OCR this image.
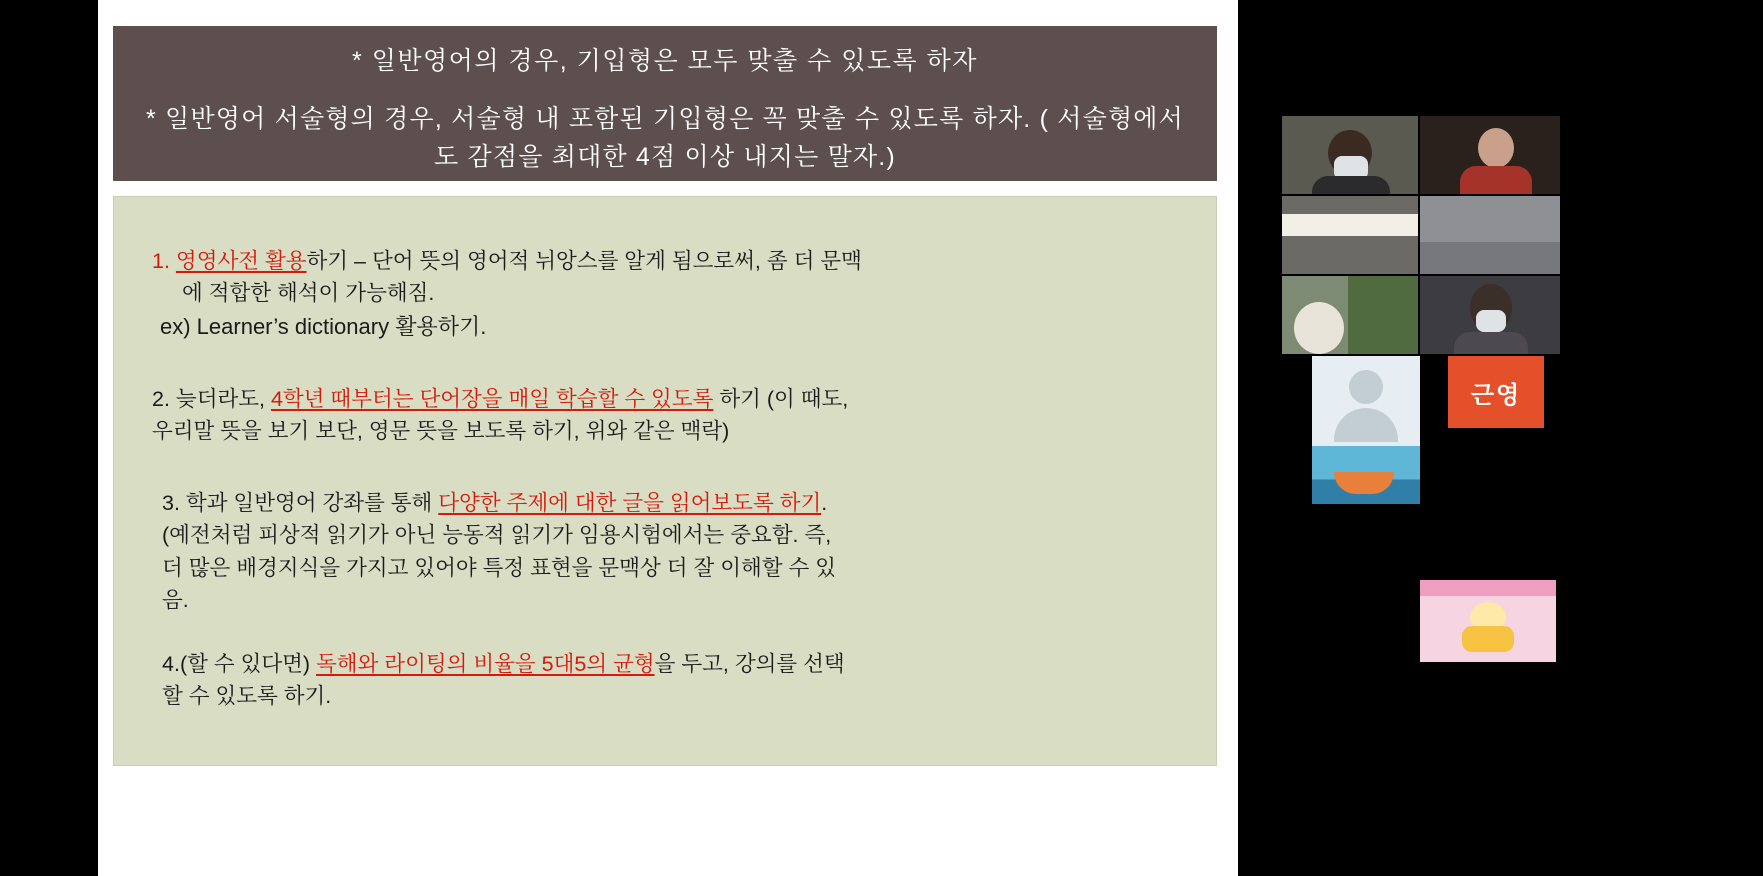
* 일반영어의 경우, 기입형은 모두 맞출 수 있도록 하자
* 일반영어 서술형의 경우, 서술형 내 포함된 기입형은 꼭 맞출 수 있도록 하자. ( 서술형에서도 감점을 최대한 4점 이상 내지는 말자.)
1. 영영사전 활용하기 – 단어 뜻의 영어적 뉘앙스를 알게 됨으로써, 좀 더 문맥
에 적합한 해석이 가능해짐.
ex) Learner’s dictionary 활용하기.
2. 늦더라도, 4학년 때부터는 단어장을 매일 학습할 수 있도록 하기 (이 때도,
우리말 뜻을 보기 보단, 영문 뜻을 보도록 하기, 위와 같은 맥락)
3. 학과 일반영어 강좌를 통해 다양한 주제에 대한 글을 읽어보도록 하기.
(예전처럼 피상적 읽기가 아닌 능동적 읽기가 임용시험에서는 중요함. 즉,
더 많은 배경지식을 가지고 있어야 특정 표현을 문맥상 더 잘 이해할 수 있
음.
4.(할 수 있다면) 독해와 라이팅의 비율을 5대5의 균형을 두고, 강의를 선택
할 수 있도록 하기.
근영
